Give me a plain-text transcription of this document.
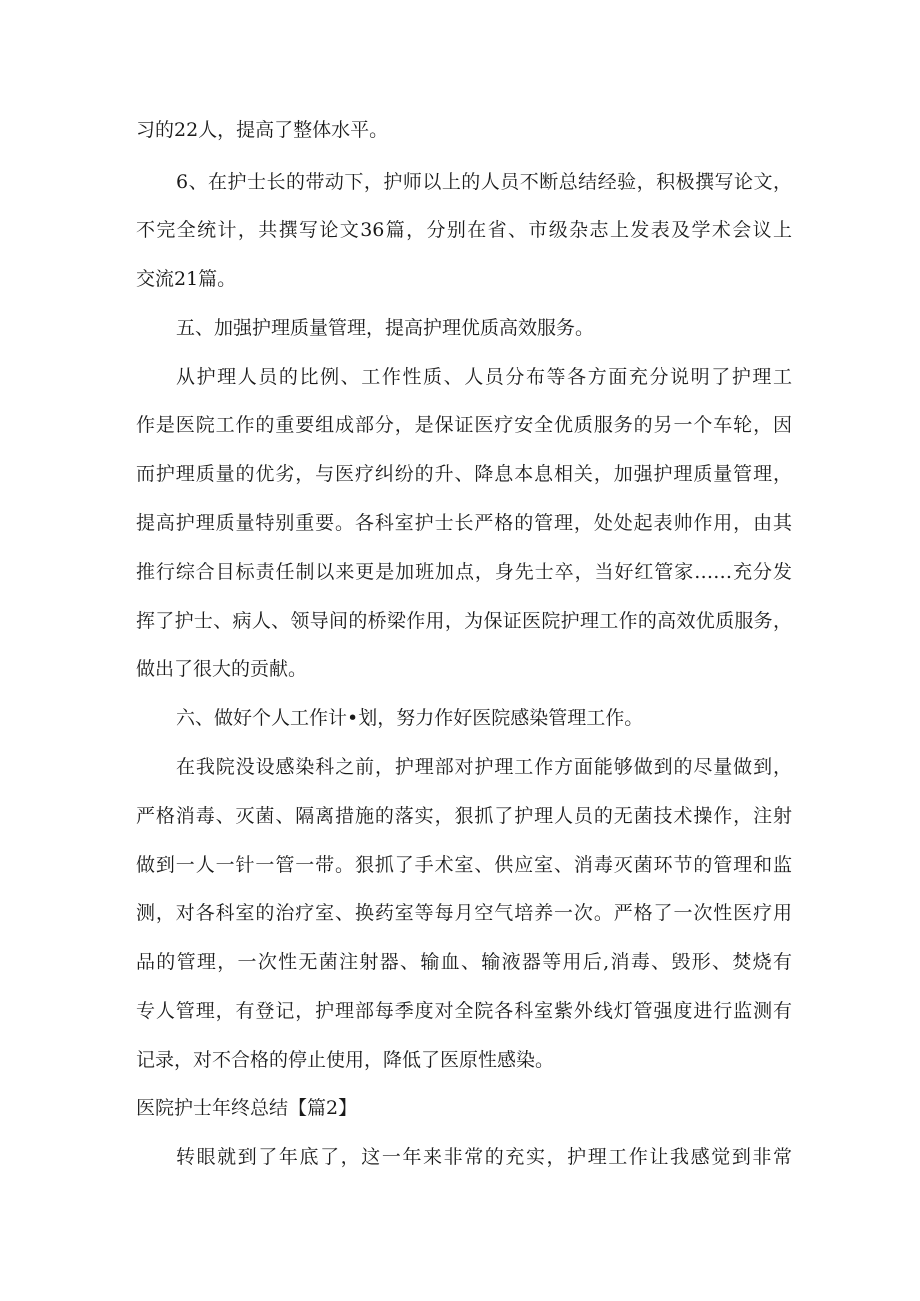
习的22人，提高了整体水平。
6、在护士长的带动下，护师以上的人员不断总结经验，积极撰写论文，
不完全统计，共撰写论文36篇，分别在省、市级杂志上发表及学术会议上
交流21篇。
五、加强护理质量管理，提高护理优质高效服务。
从护理人员的比例、工作性质、人员分布等各方面充分说明了护理工
作是医院工作的重要组成部分，是保证医疗安全优质服务的另一个车轮，因
而护理质量的优劣，与医疗纠纷的升、降息本息相关，加强护理质量管理，
提高护理质量特别重要。各科室护士长严格的管理，处处起表帅作用，由其
推行综合目标责任制以来更是加班加点，身先士卒，当好红管家……充分发
挥了护士、病人、领导间的桥梁作用，为保证医院护理工作的高效优质服务，
做出了很大的贡献。
六、做好个人工作计•划，努力作好医院感染管理工作。
在我院没设感染科之前，护理部对护理工作方面能够做到的尽量做到，
严格消毒、灭菌、隔离措施的落实，狠抓了护理人员的无菌技术操作，注射
做到一人一针一管一带。狠抓了手术室、供应室、消毒灭菌环节的管理和监
测，对各科室的治疗室、换药室等每月空气培养一次。严格了一次性医疗用
品的管理，一次性无菌注射器、输血、输液器等用后,消毒、毁形、焚烧有
专人管理，有登记，护理部每季度对全院各科室紫外线灯管强度进行监测有
记录，对不合格的停止使用，降低了医原性感染。
医院护士年终总结【篇2】
转眼就到了年底了，这一年来非常的充实，护理工作让我感觉到非常
